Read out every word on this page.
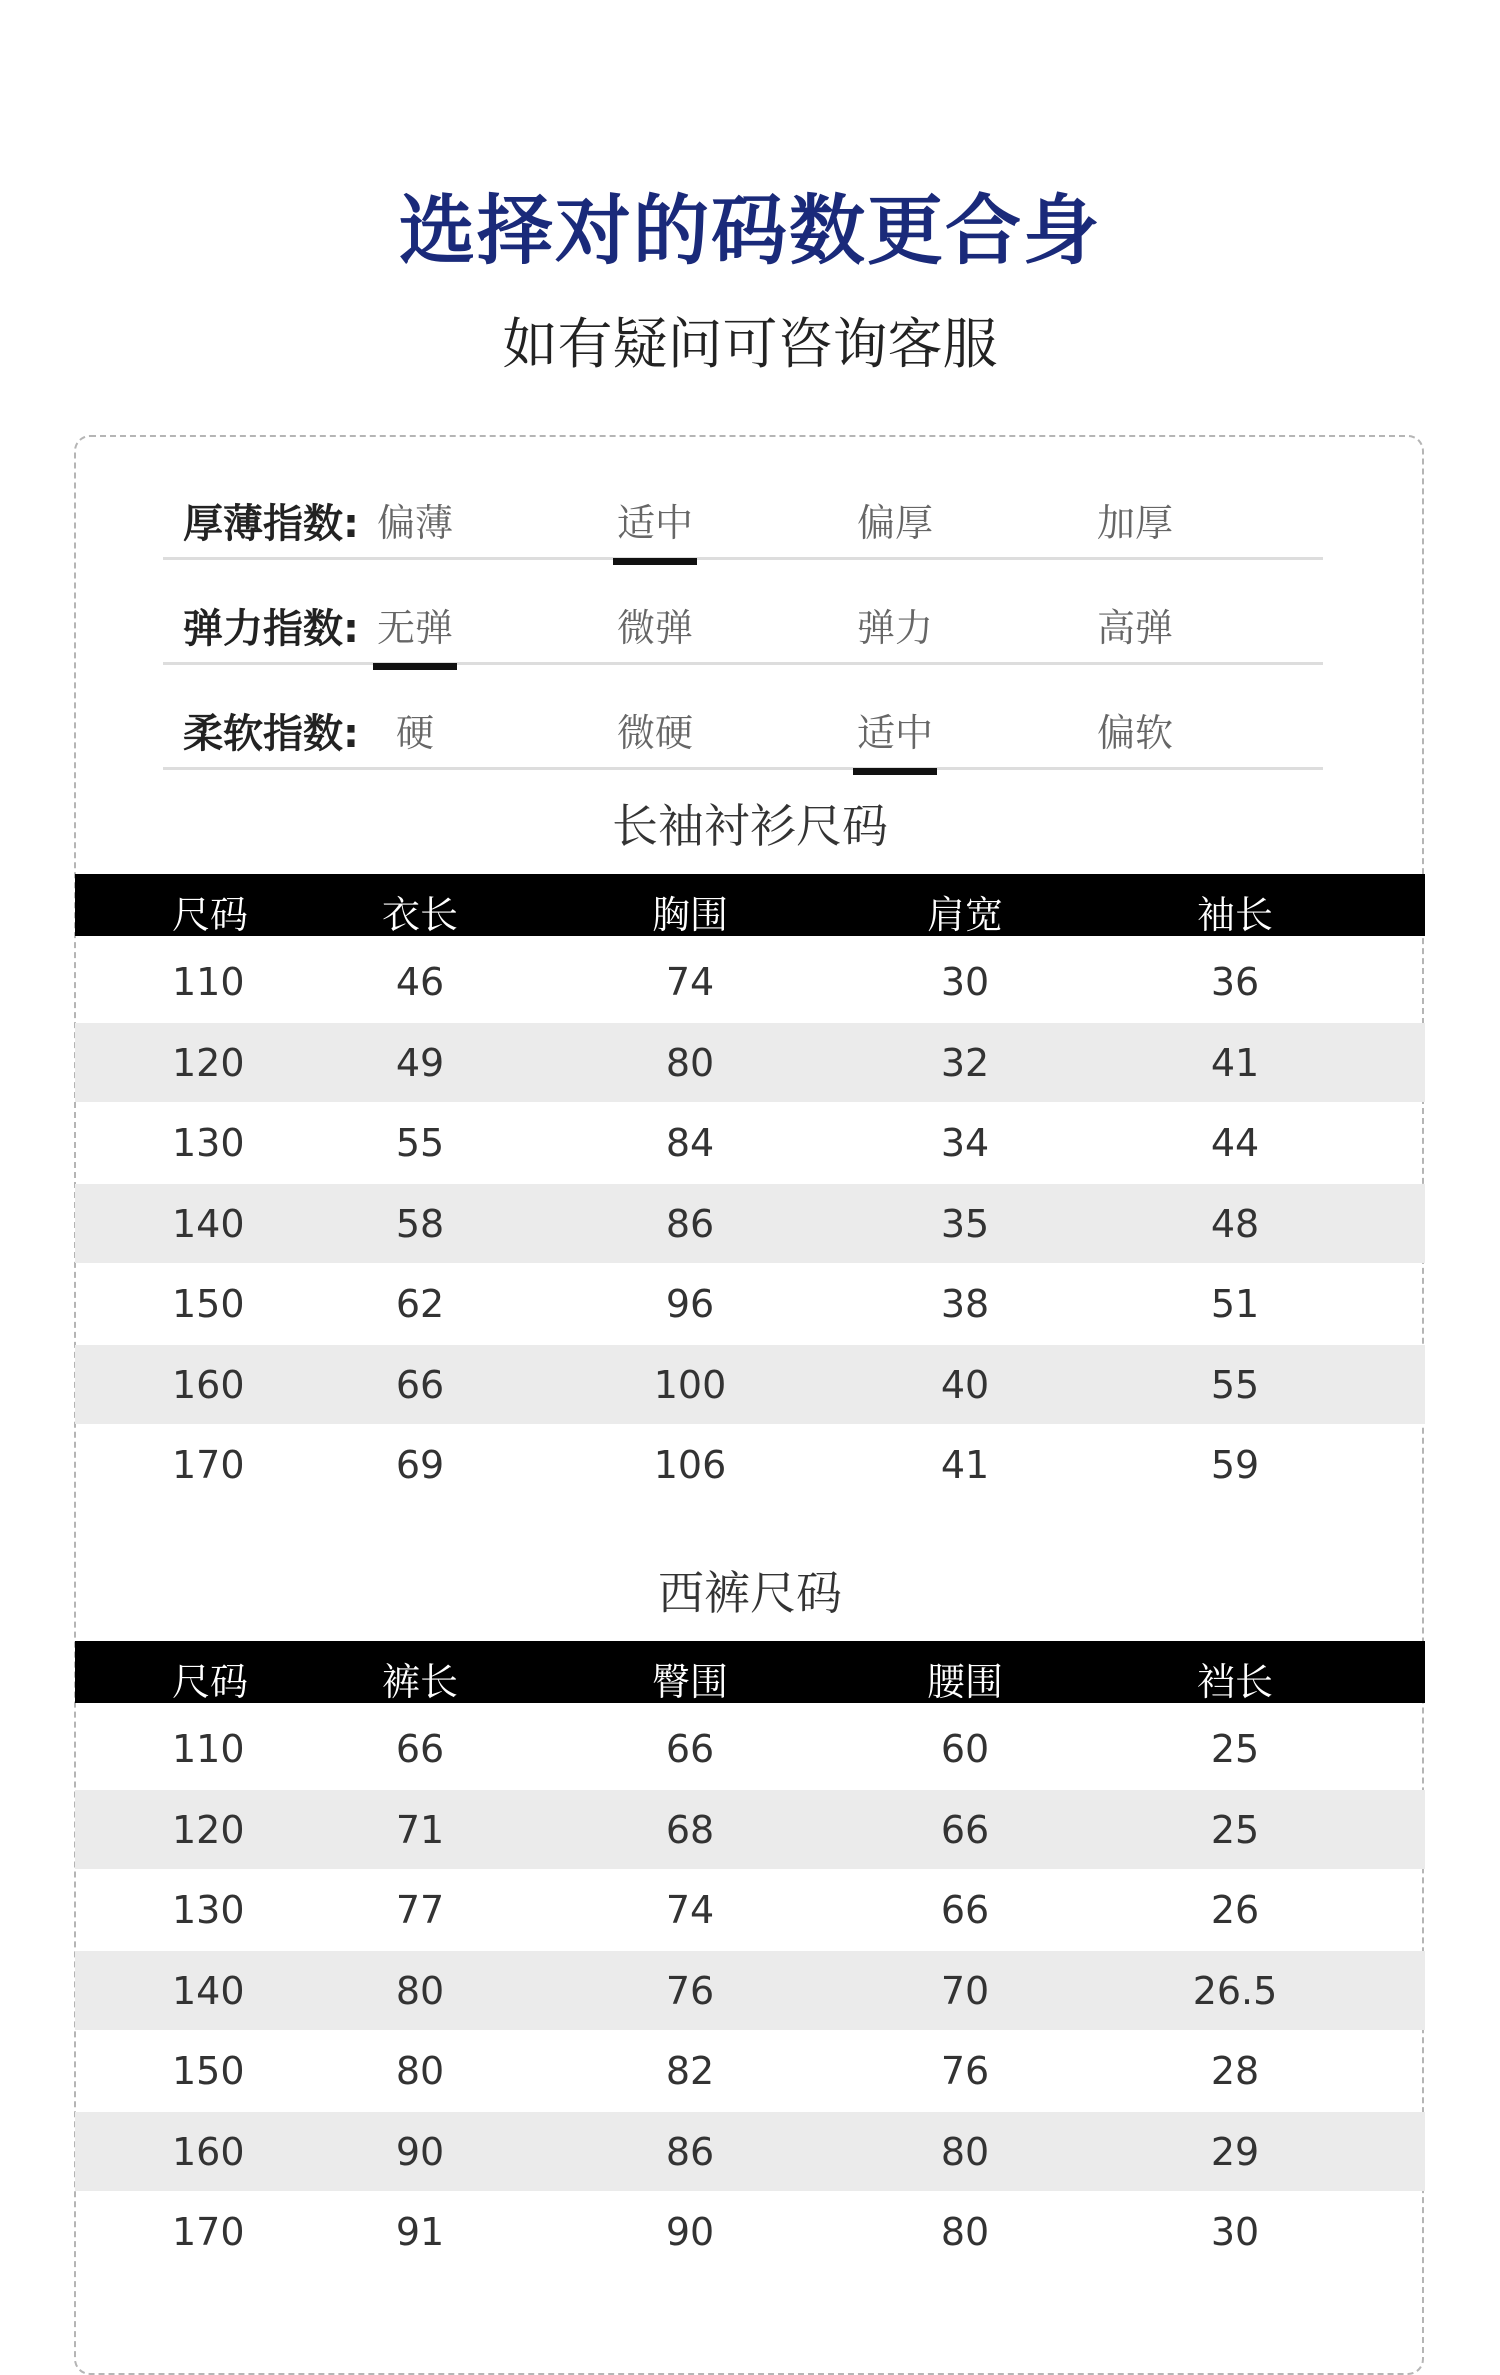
选择对的码数更合身
如有疑问可咨询客服
厚薄指数: 偏薄	适中	偏厚	加厚
弹力指数: 无弹	微弹	弹力	高弹
柔软指数: 硬	微硬	适中	偏软
长袖衬衫尺码
尺码	衣长	胸围	肩宽	袖长
110	46	74	30	36
120	49	80	32	41
130	55	84	34	44
140	58	86	35	48
150	62	96	38	51
160	66	100	40	55
170	69	106	41	59
西裤尺码
尺码	裤长	臀围	腰围	裆长
110	66	66	60	25
120	71	68	66	25
130	77	74	66	26
140	80	76	70	26.5
150	80	82	76	28
160	90	86	80	29
170	91	90	80	30
